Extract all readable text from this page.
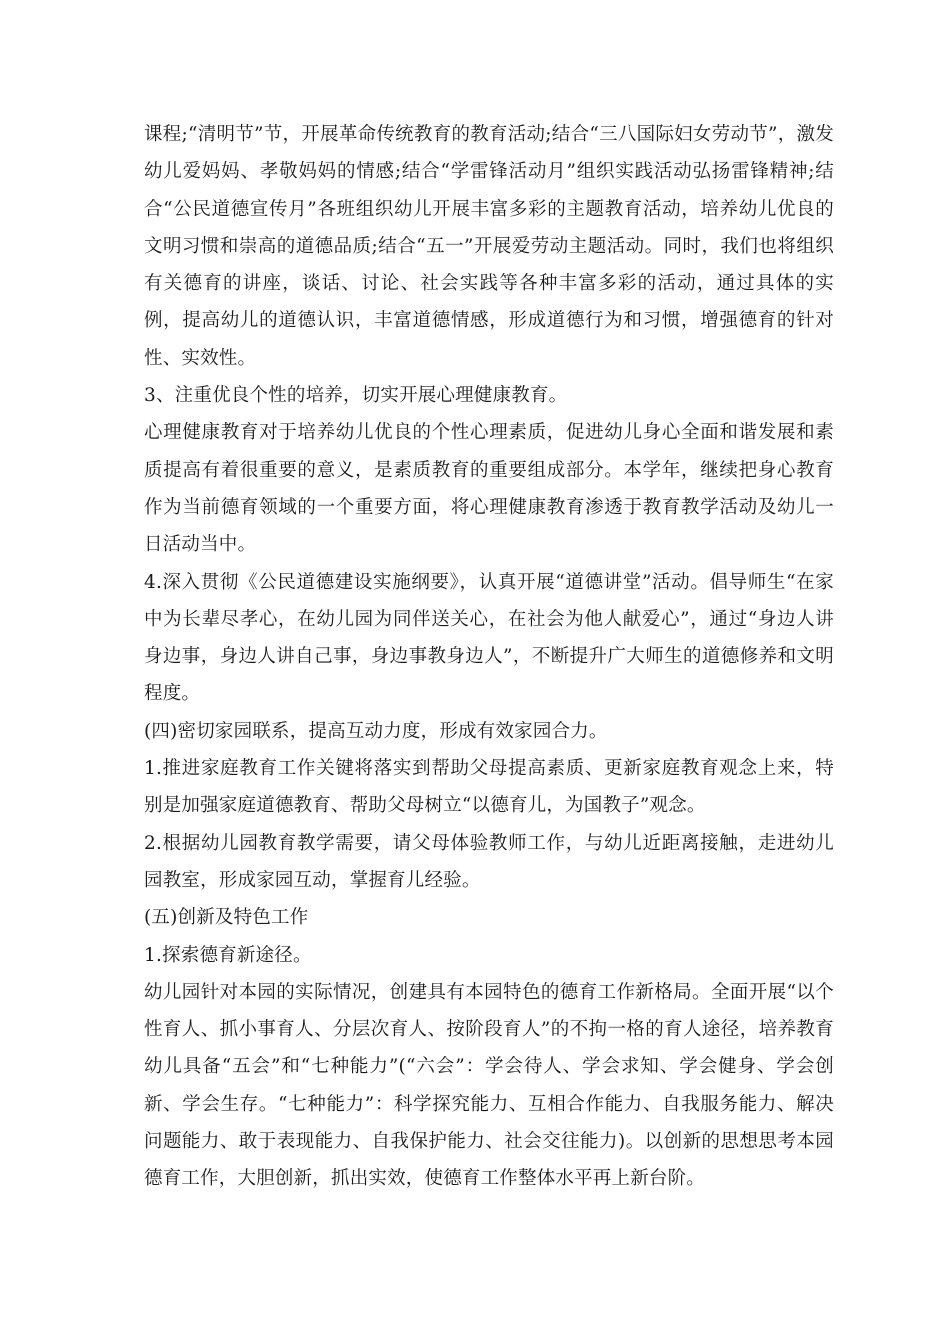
课程;“清明节”节，开展革命传统教育的教育活动;结合“三八国际妇女劳动节”，激发幼儿爱妈妈、孝敬妈妈的情感;结合“学雷锋活动月”组织实践活动弘扬雷锋精神;结合“公民道德宣传月”各班组织幼儿开展丰富多彩的主题教育活动，培养幼儿优良的文明习惯和崇高的道德品质;结合“五一”开展爱劳动主题活动。同时，我们也将组织有关德育的讲座，谈话、讨论、社会实践等各种丰富多彩的活动，通过具体的实例，提高幼儿的道德认识，丰富道德情感，形成道德行为和习惯，增强德育的针对性、实效性。

3、注重优良个性的培养，切实开展心理健康教育。

心理健康教育对于培养幼儿优良的个性心理素质，促进幼儿身心全面和谐发展和素质提高有着很重要的意义，是素质教育的重要组成部分。本学年，继续把身心教育作为当前德育领域的一个重要方面，将心理健康教育渗透于教育教学活动及幼儿一日活动当中。

4.深入贯彻《公民道德建设实施纲要》，认真开展“道德讲堂”活动。倡导师生“在家中为长辈尽孝心，在幼儿园为同伴送关心，在社会为他人献爱心”，通过“身边人讲身边事，身边人讲自己事，身边事教身边人”，不断提升广大师生的道德修养和文明程度。

(四)密切家园联系，提高互动力度，形成有效家园合力。

1.推进家庭教育工作关键将落实到帮助父母提高素质、更新家庭教育观念上来，特别是加强家庭道德教育、帮助父母树立“以德育儿，为国教子”观念。

2.根据幼儿园教育教学需要，请父母体验教师工作，与幼儿近距离接触，走进幼儿园教室，形成家园互动，掌握育儿经验。

(五)创新及特色工作

1.探索德育新途径。

幼儿园针对本园的实际情况，创建具有本园特色的德育工作新格局。全面开展“以个性育人、抓小事育人、分层次育人、按阶段育人”的不拘一格的育人途径，培养教育幼儿具备“五会”和“七种能力”(“六会”：学会待人、学会求知、学会健身、学会创新、学会生存。“七种能力”：科学探究能力、互相合作能力、自我服务能力、解决问题能力、敢于表现能力、自我保护能力、社会交往能力)。以创新的思想思考本园德育工作，大胆创新，抓出实效，使德育工作整体水平再上新台阶。
